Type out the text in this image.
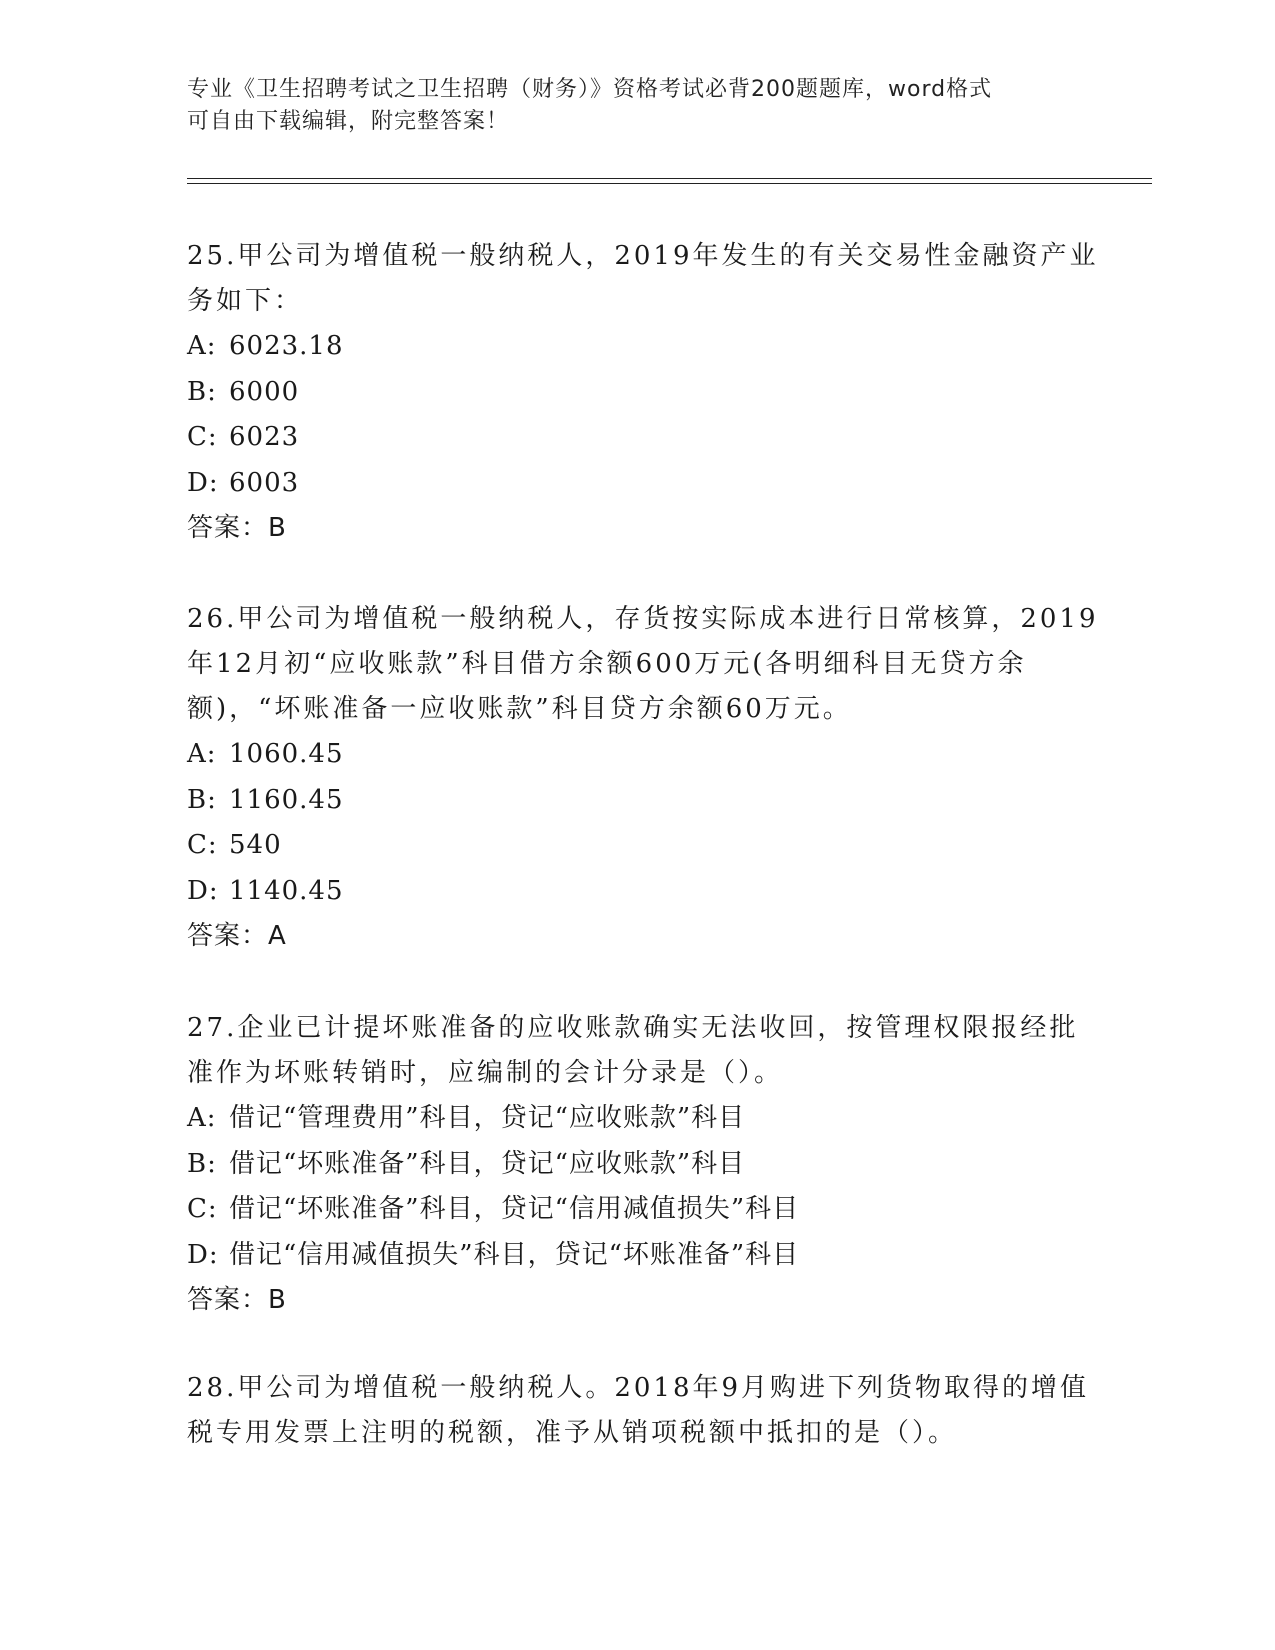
专业《卫生招聘考试之卫生招聘（财务）》资格考试必背200题题库，word格式
可自由下载编辑，附完整答案！
25.甲公司为增值税一般纳税人，2019年发生的有关交易性金融资产业
务如下：
A: 6023.18
B: 6000
C: 6023
D: 6003
答案：B
26.甲公司为增值税一般纳税人，存货按实际成本进行日常核算，2019
年12月初“应收账款”科目借方余额600万元(各明细科目无贷方余
额)，“坏账准备一应收账款”科目贷方余额60万元。
A: 1060.45
B: 1160.45
C: 540
D: 1140.45
答案：A
27.企业已计提坏账准备的应收账款确实无法收回，按管理权限报经批
准作为坏账转销时，应编制的会计分录是（）。
A: 借记“管理费用”科目，贷记“应收账款”科目
B: 借记“坏账准备”科目，贷记“应收账款”科目
C: 借记“坏账准备”科目，贷记“信用减值损失”科目
D: 借记“信用减值损失”科目，贷记“坏账准备”科目
答案：B
28.甲公司为增值税一般纳税人。2018年9月购进下列货物取得的增值
税专用发票上注明的税额，准予从销项税额中抵扣的是（）。
